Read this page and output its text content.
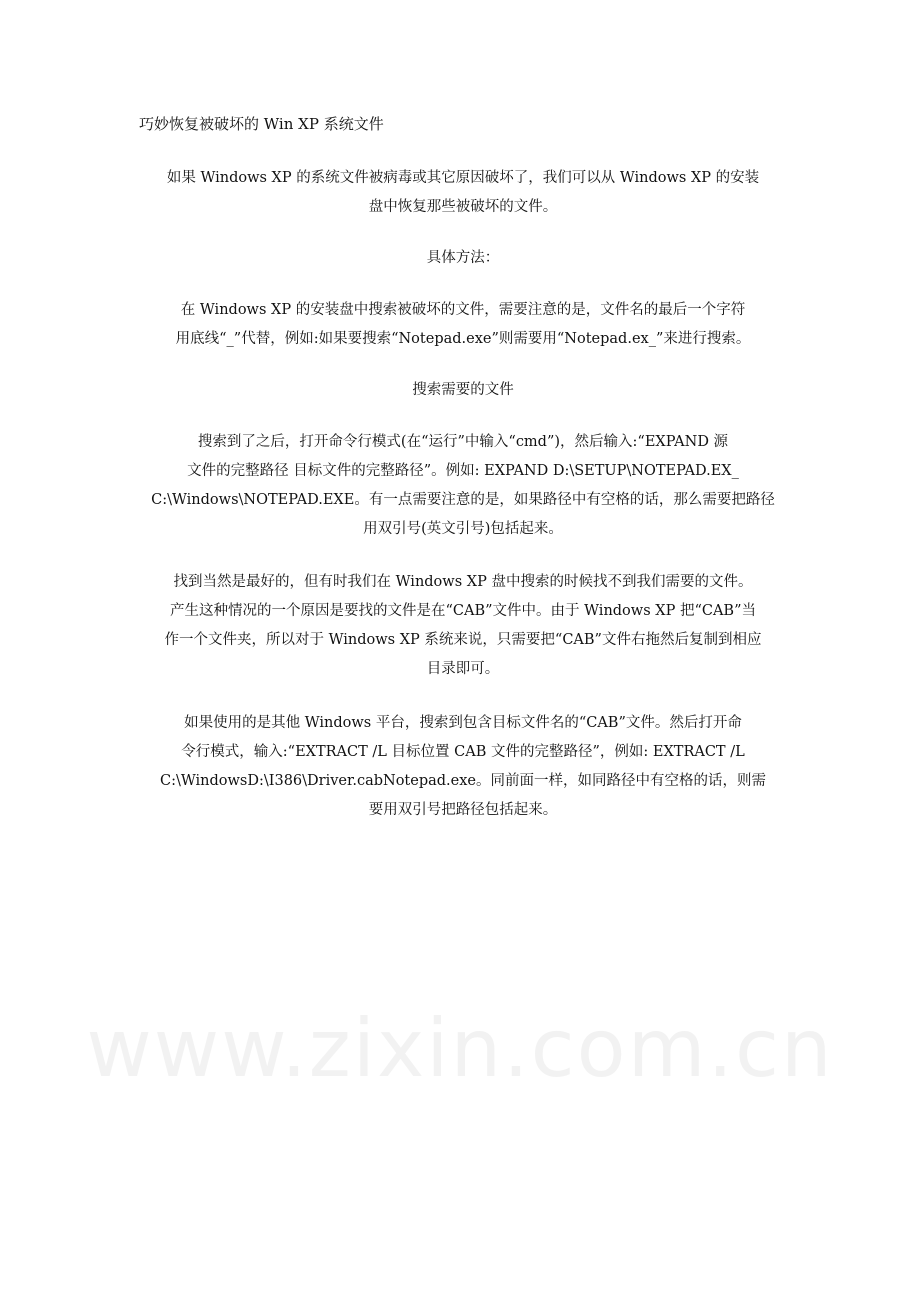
巧妙恢复被破坏的 Win XP 系统文件
如果 Windows XP 的系统文件被病毒或其它原因破坏了，我们可以从 Windows XP 的安装
盘中恢复那些被破坏的文件。
具体方法：
在 Windows XP 的安装盘中搜索被破坏的文件，需要注意的是，文件名的最后一个字符
用底线“_”代替，例如:如果要搜索“Notepad.exe”则需要用“Notepad.ex_”来进行搜索。
搜索需要的文件
搜索到了之后，打开命令行模式(在“运行”中输入“cmd”)，然后输入:“EXPAND 源
文件的完整路径 目标文件的完整路径”。例如: EXPAND D:\SETUP\NOTEPAD.EX_
C:\Windows\NOTEPAD.EXE。有一点需要注意的是，如果路径中有空格的话，那么需要把路径
用双引号(英文引号)包括起来。
找到当然是最好的，但有时我们在 Windows XP 盘中搜索的时候找不到我们需要的文件。
产生这种情况的一个原因是要找的文件是在“CAB”文件中。由于 Windows XP 把“CAB”当
作一个文件夹，所以对于 Windows XP 系统来说，只需要把“CAB”文件右拖然后复制到相应
目录即可。
如果使用的是其他 Windows 平台，搜索到包含目标文件名的“CAB”文件。然后打开命
令行模式，输入:“EXTRACT /L 目标位置 CAB 文件的完整路径”，例如: EXTRACT /L
C:\WindowsD:\I386\Driver.cabNotepad.exe。同前面一样，如同路径中有空格的话，则需
要用双引号把路径包括起来。
www.zixin.com.cn
